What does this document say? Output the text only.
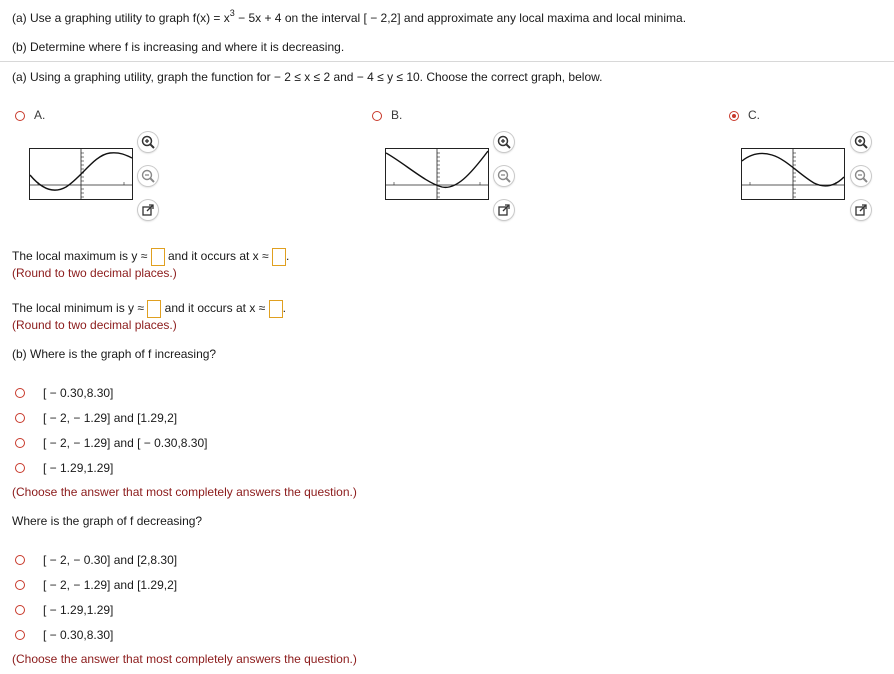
(a) Use a graphing utility to graph $f(x) = x^3 - 5x + 4$ on the interval [ − 2,2] and approximate any local maxima and local minima.
(b) Determine where f is increasing and where it is decreasing.
(a) Using a graphing utility, graph the function for − 2 ≤ x ≤ 2 and − 4 ≤ y ≤ 10. Choose the correct graph, below.
A.	B.	C.
The local maximum is y ≈ and it occurs at x ≈ .
(Round to two decimal places.)
The local minimum is y ≈ and it occurs at x ≈ .
(Round to two decimal places.)
(b) Where is the graph of f increasing?
[ − 0.30,8.30]
[ − 2, − 1.29] and [1.29,2]
[ − 2, − 1.29] and [ − 0.30,8.30]
[ − 1.29,1.29]
(Choose the answer that most completely answers the question.)
Where is the graph of f decreasing?
[ − 2, − 0.30] and [2,8.30]
[ − 2, − 1.29] and [1.29,2]
[ − 1.29,1.29]
[ − 0.30,8.30]
(Choose the answer that most completely answers the question.)
